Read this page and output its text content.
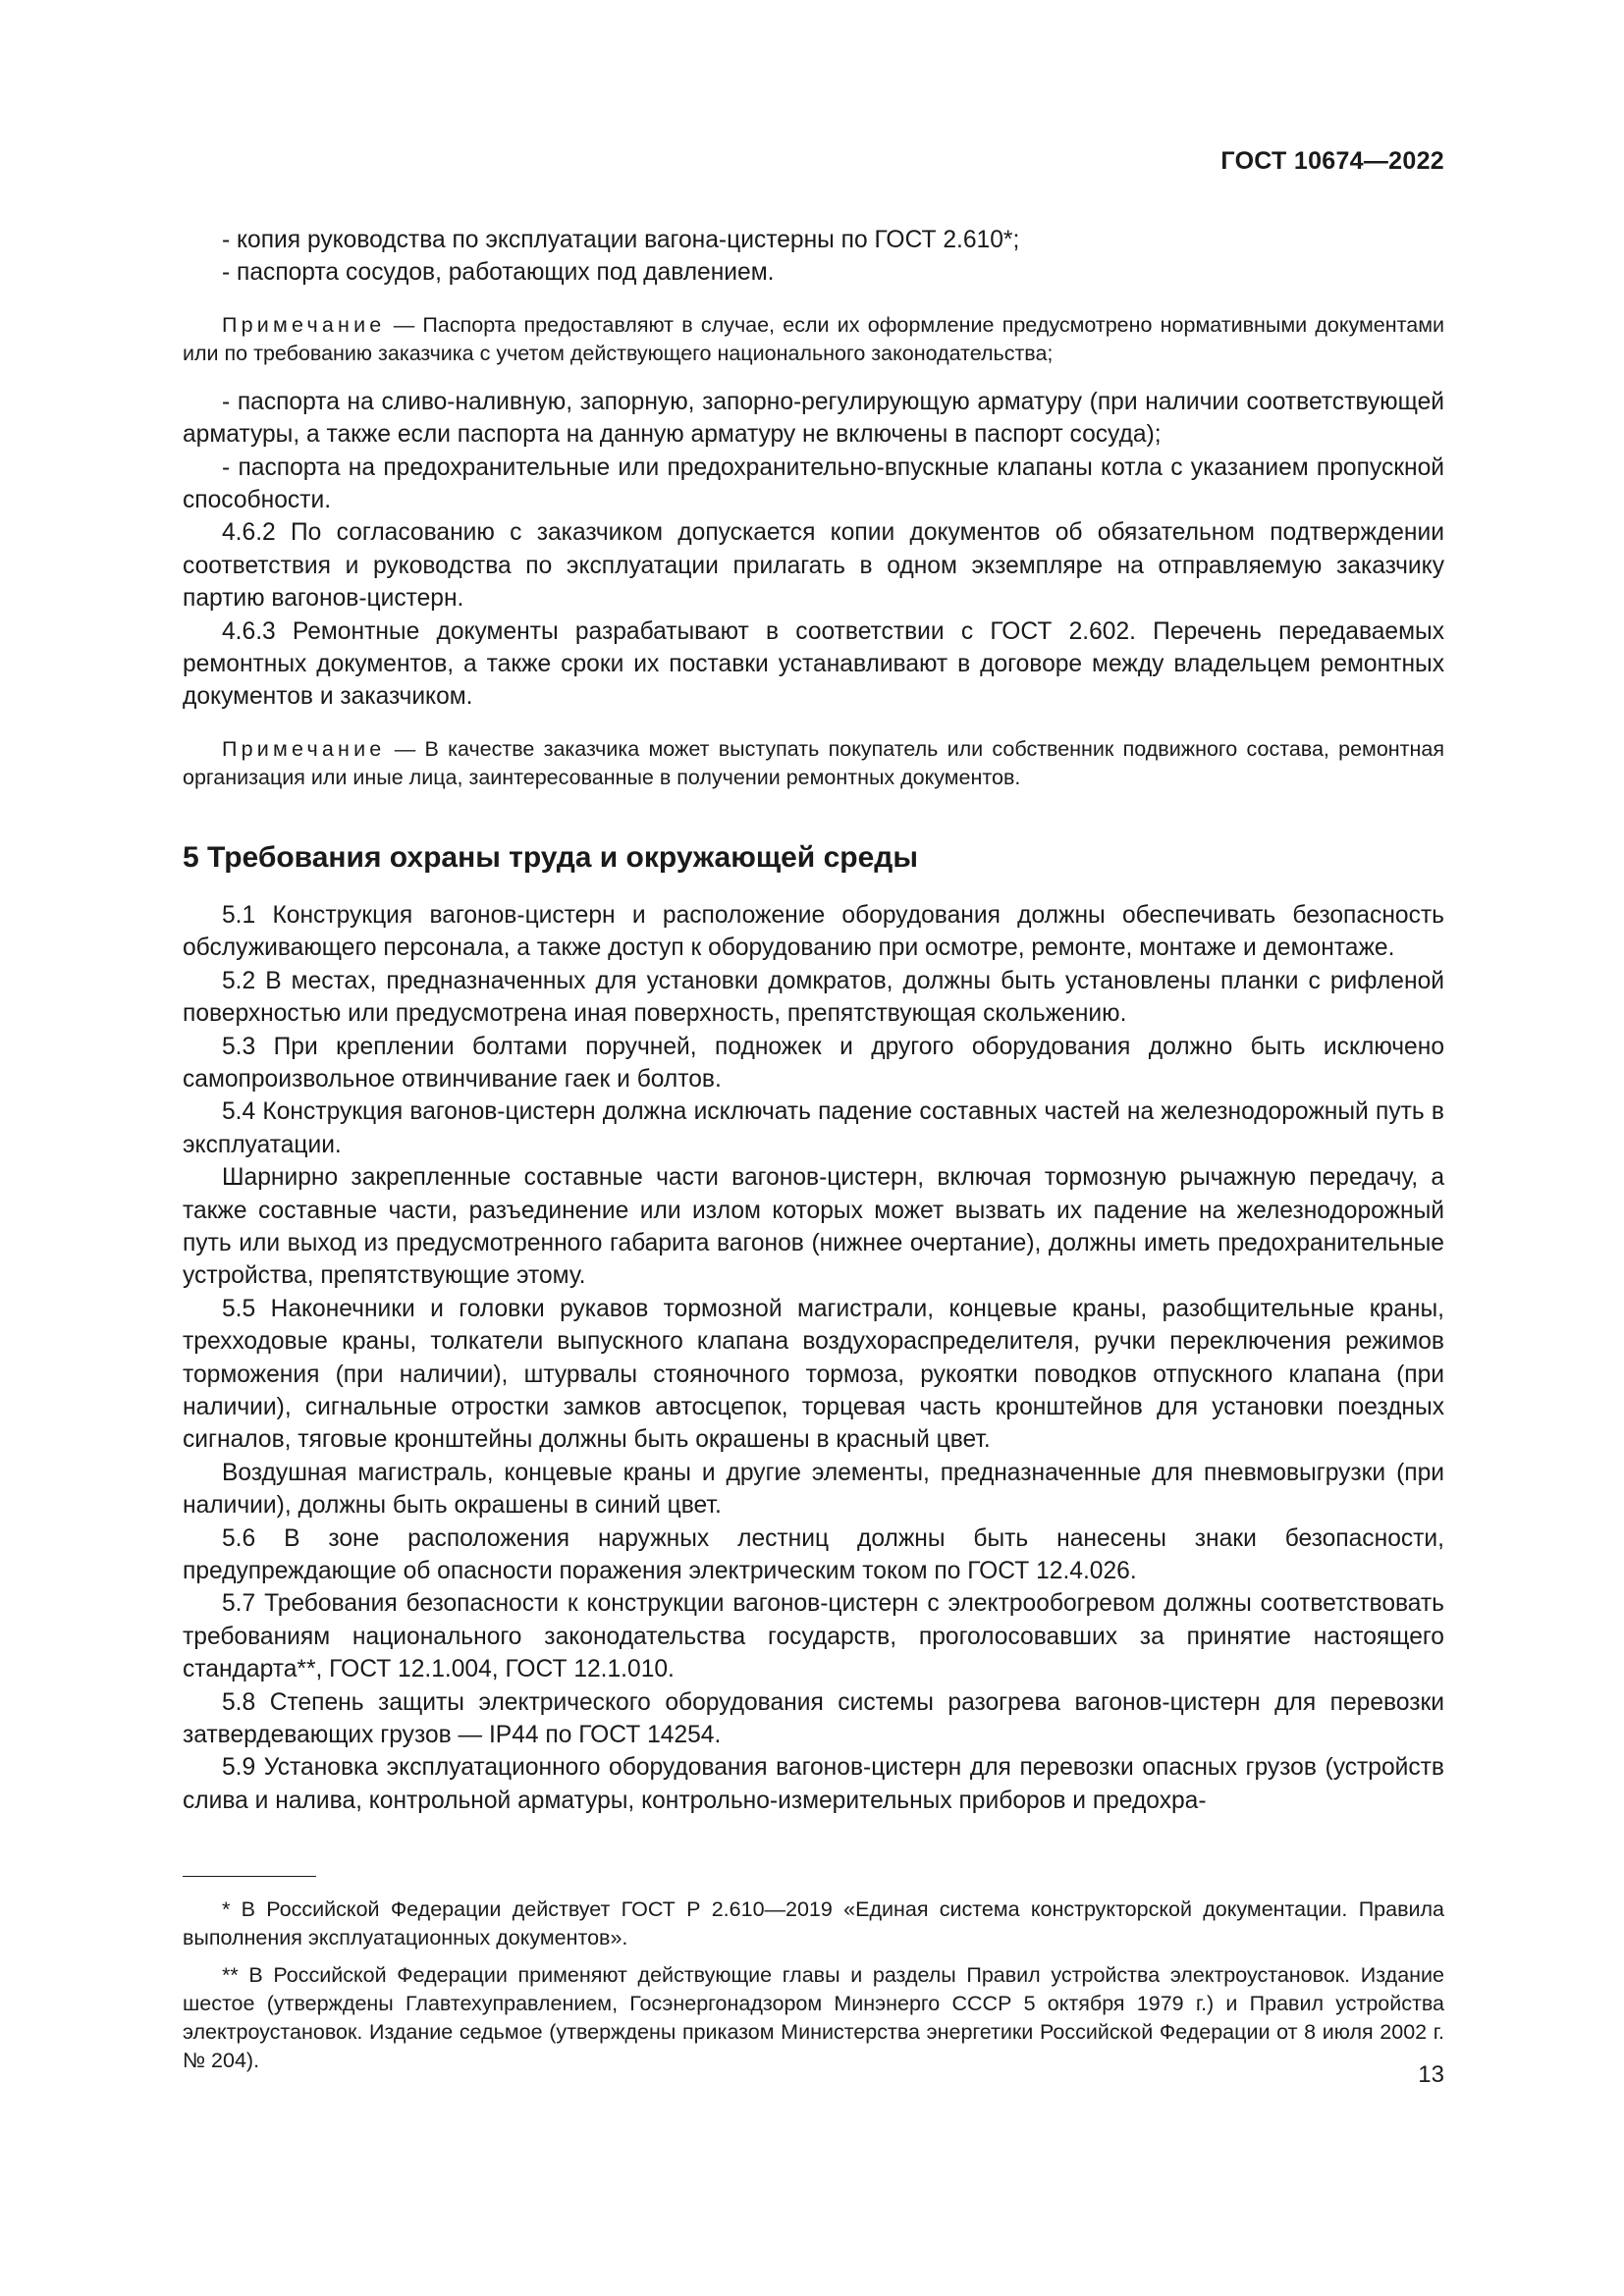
ГОСТ 10674—2022

- копия руководства по эксплуатации вагона-цистерны по ГОСТ 2.610*;

- паспорта сосудов, работающих под давлением.

Примечание — Паспорта предоставляют в случае, если их оформление предусмотрено нормативными документами или по требованию заказчика с учетом действующего национального законодательства;

- паспорта на сливо-наливную, запорную, запорно-регулирующую арматуру (при наличии соответствующей арматуры, а также если паспорта на данную арматуру не включены в паспорт сосуда);

- паспорта на предохранительные или предохранительно-впускные клапаны котла с указанием пропускной способности.

4.6.2 По согласованию с заказчиком допускается копии документов об обязательном подтверждении соответствия и руководства по эксплуатации прилагать в одном экземпляре на отправляемую заказчику партию вагонов-цистерн.

4.6.3 Ремонтные документы разрабатывают в соответствии с ГОСТ 2.602. Перечень передаваемых ремонтных документов, а также сроки их поставки устанавливают в договоре между владельцем ремонтных документов и заказчиком.

Примечание — В качестве заказчика может выступать покупатель или собственник подвижного состава, ремонтная организация или иные лица, заинтересованные в получении ремонтных документов.

5 Требования охраны труда и окружающей среды

5.1 Конструкция вагонов-цистерн и расположение оборудования должны обеспечивать безопасность обслуживающего персонала, а также доступ к оборудованию при осмотре, ремонте, монтаже и демонтаже.

5.2 В местах, предназначенных для установки домкратов, должны быть установлены планки с рифленой поверхностью или предусмотрена иная поверхность, препятствующая скольжению.

5.3 При креплении болтами поручней, подножек и другого оборудования должно быть исключено самопроизвольное отвинчивание гаек и болтов.

5.4 Конструкция вагонов-цистерн должна исключать падение составных частей на железнодорожный путь в эксплуатации.

Шарнирно закрепленные составные части вагонов-цистерн, включая тормозную рычажную передачу, а также составные части, разъединение или излом которых может вызвать их падение на железнодорожный путь или выход из предусмотренного габарита вагонов (нижнее очертание), должны иметь предохранительные устройства, препятствующие этому.

5.5 Наконечники и головки рукавов тормозной магистрали, концевые краны, разобщительные краны, трехходовые краны, толкатели выпускного клапана воздухораспределителя, ручки переключения режимов торможения (при наличии), штурвалы стояночного тормоза, рукоятки поводков отпускного клапана (при наличии), сигнальные отростки замков автосцепок, торцевая часть кронштейнов для установки поездных сигналов, тяговые кронштейны должны быть окрашены в красный цвет.

Воздушная магистраль, концевые краны и другие элементы, предназначенные для пневмовыгрузки (при наличии), должны быть окрашены в синий цвет.

5.6 В зоне расположения наружных лестниц должны быть нанесены знаки безопасности, предупреждающие об опасности поражения электрическим током по ГОСТ 12.4.026.

5.7 Требования безопасности к конструкции вагонов-цистерн с электрообогревом должны соответствовать требованиям национального законодательства государств, проголосовавших за принятие настоящего стандарта**, ГОСТ 12.1.004, ГОСТ 12.1.010.

5.8 Степень защиты электрического оборудования системы разогрева вагонов-цистерн для перевозки затвердевающих грузов — IP44 по ГОСТ 14254.

5.9 Установка эксплуатационного оборудования вагонов-цистерн для перевозки опасных грузов (устройств слива и налива, контрольной арматуры, контрольно-измерительных приборов и предохра-

* В Российской Федерации действует ГОСТ Р 2.610—2019 «Единая система конструкторской документации. Правила выполнения эксплуатационных документов».

** В Российской Федерации применяют действующие главы и разделы Правил устройства электроустановок. Издание шестое (утверждены Главтехуправлением, Госэнергонадзором Минэнерго СССР 5 октября 1979 г.) и Правил устройства электроустановок. Издание седьмое (утверждены приказом Министерства энергетики Российской Федерации от 8 июля 2002 г. № 204).

13
